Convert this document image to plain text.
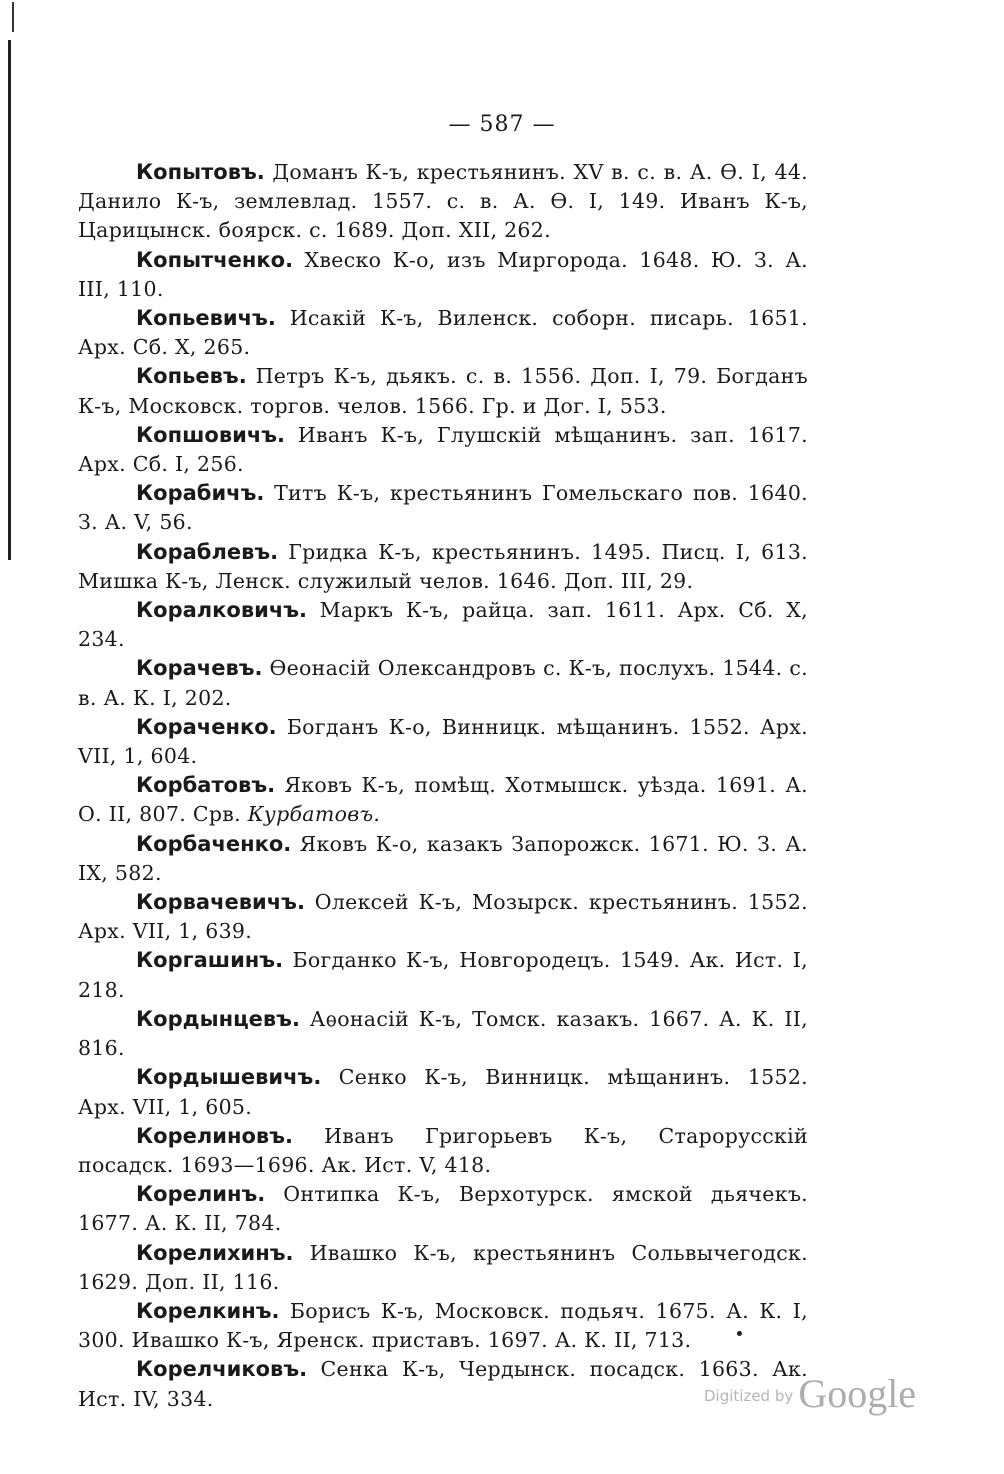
— 587 —

Копытовъ. Доманъ К-ъ, крестьянинъ. XV в. с. в. А. Ѳ. I, 44. Данило К-ъ, землевлад. 1557. с. в. А. Ѳ. I, 149. Иванъ К-ъ, Царицынск. боярск. с. 1689. Доп. XII, 262.

Копытченко. Хвеско К-о, изъ Миргорода. 1648. Ю. З. А. III, 110.

Копьевичъ. Исакій К-ъ, Виленск. соборн. писарь. 1651. Арх. Сб. X, 265.

Копьевъ. Петръ К-ъ, дьякъ. с. в. 1556. Доп. I, 79. Богданъ К-ъ, Московск. торгов. челов. 1566. Гр. и Дог. I, 553.

Копшовичъ. Иванъ К-ъ, Глушскій мѣщанинъ. зап. 1617. Арх. Сб. I, 256.

Корабичъ. Титъ К-ъ, крестьянинъ Гомельскаго пов. 1640. З. А. V, 56.

Кораблевъ. Гридка К-ъ, крестьянинъ. 1495. Писц. I, 613. Мишка К-ъ, Ленск. служилый челов. 1646. Доп. III, 29.

Коралковичъ. Маркъ К-ъ, райца. зап. 1611. Арх. Сб. X, 234.

Корачевъ. Ѳеонасій Олександровъ с. К-ъ, послухъ. 1544. с. в. А. К. I, 202.

Кораченко. Богданъ К-о, Винницк. мѣщанинъ. 1552. Арх. VII, 1, 604.

Корбатовъ. Яковъ К-ъ, помѣщ. Хотмышск. уѣзда. 1691. А. О. II, 807. Срв. Курбатовъ.

Корбаченко. Яковъ К-о, казакъ Запорожск. 1671. Ю. З. А. IX, 582.

Корвачевичъ. Олексей К-ъ, Мозырск. крестьянинъ. 1552. Арх. VII, 1, 639.

Коргашинъ. Богданко К-ъ, Новгородецъ. 1549. Ак. Ист. I, 218.

Кордынцевъ. Аѳонасій К-ъ, Томск. казакъ. 1667. А. К. II, 816.

Кордышевичъ. Сенко К-ъ, Винницк. мѣщанинъ. 1552. Арх. VII, 1, 605.

Корелиновъ. Иванъ Григорьевъ К-ъ, Старорусскій посадск. 1693—1696. Ак. Ист. V, 418.

Корелинъ. Онтипка К-ъ, Верхотурск. ямской дьячекъ. 1677. А. К. II, 784.

Корелихинъ. Ивашко К-ъ, крестьянинъ Сольвычегодск. 1629. Доп. II, 116.

Корелкинъ. Борисъ К-ъ, Московск. подьяч. 1675. А. К. I, 300. Ивашко К-ъ, Яренск. приставъ. 1697. А. К. II, 713.

Корелчиковъ. Сенка К-ъ, Чердынск. посадск. 1663. Ак. Ист. IV, 334.	Digitized by Google
